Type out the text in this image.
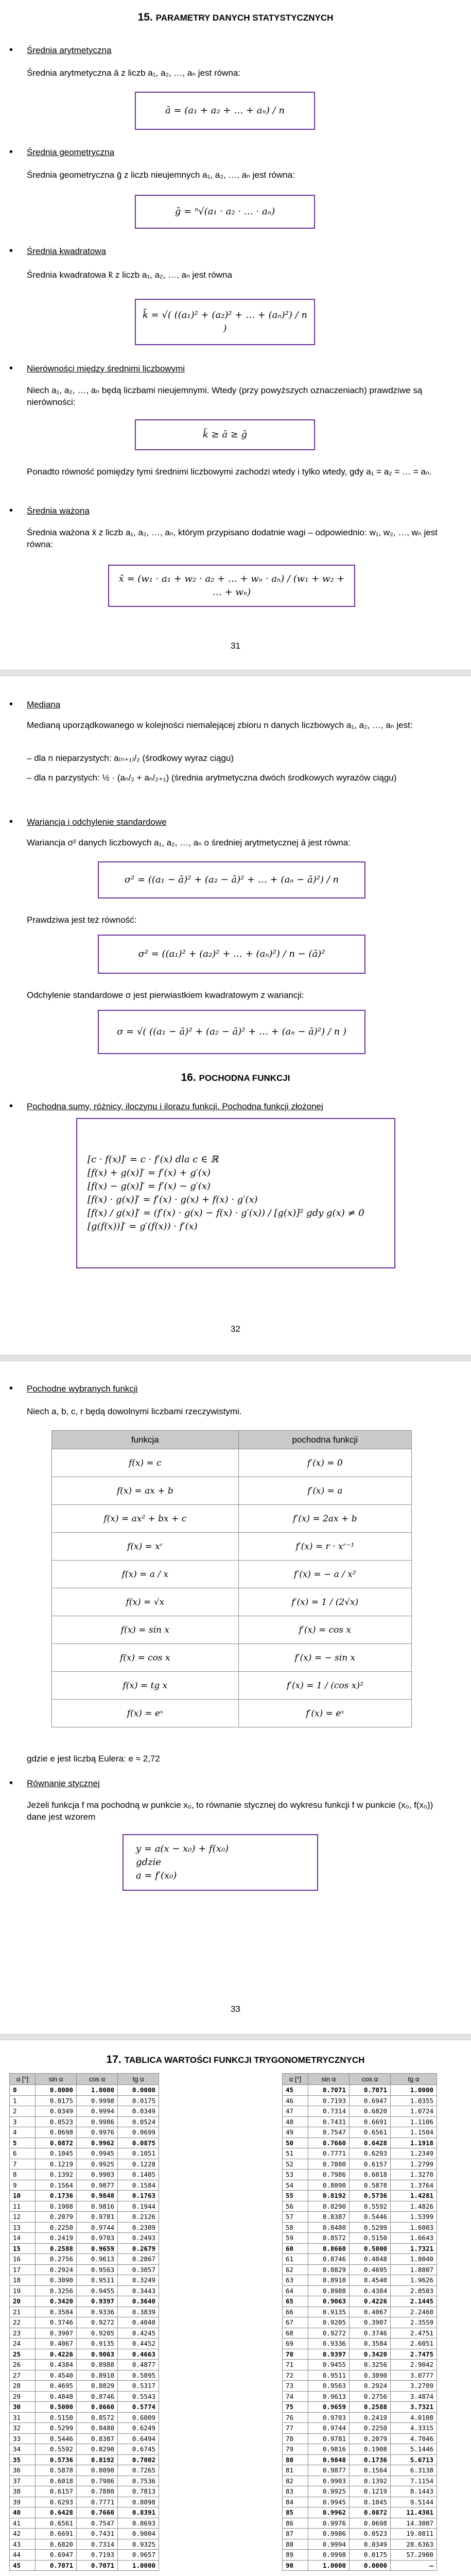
15. PARAMETRY DANYCH STATYSTYCZNYCH
• Średnia arytmetyczna
Średnia arytmetyczna ā z liczb a₁, a₂, …, aₙ jest równa:
ā = (a₁ + a₂ + … + aₙ) / n
• Średnia geometryczna
Średnia geometryczna ḡ z liczb nieujemnych a₁, a₂, …, aₙ jest równa:
ḡ = ⁿ√(a₁ · a₂ · … · aₙ)
• Średnia kwadratowa
Średnia kwadratowa k̄ z liczb a₁, a₂, …, aₙ jest równa
k̄ = √( ((a₁)² + (a₂)² + … + (aₙ)²) / n )
• Nierówności między średnimi liczbowymi
Niech a₁, a₂, …, aₙ będą liczbami nieujemnymi. Wtedy (przy powyższych oznaczeniach) prawdziwe są nierówności:
k̄ ≥ ā ≥ ḡ
Ponadto równość pomiędzy tymi średnimi liczbowymi zachodzi wtedy i tylko wtedy, gdy a₁ = a₂ = … = aₙ.
• Średnia ważona
Średnia ważona x̄ z liczb a₁, a₂, …, aₙ, którym przypisano dodatnie wagi – odpowiednio: w₁, w₂, …, wₙ jest równa:
x̄ = (w₁ · a₁ + w₂ · a₂ + … + wₙ · aₙ) / (w₁ + w₂ + … + wₙ)
31
• Mediana
Medianą uporządkowanego w kolejności niemalejącej zbioru n danych liczbowych a₁, a₂, …, aₙ jest:
– dla n nieparzystych: a₍ₙ₊₁₎/₂ (środkowy wyraz ciągu)
– dla n parzystych: ½ · (aₙ/₂ + aₙ/₂₊₁) (średnia arytmetyczna dwóch środkowych wyrazów ciągu)
• Wariancja i odchylenie standardowe
Wariancja σ² danych liczbowych a₁, a₂, …, aₙ o średniej arytmetycznej ā jest równa:
σ² = ((a₁ − ā)² + (a₂ − ā)² + … + (aₙ − ā)²) / n
Prawdziwa jest też równość:
σ² = ((a₁)² + (a₂)² + … + (aₙ)²) / n − (ā)²
Odchylenie standardowe σ jest pierwiastkiem kwadratowym z wariancji:
σ = √( ((a₁ − ā)² + (a₂ − ā)² + … + (aₙ − ā)²) / n )
16. POCHODNA FUNKCJI
• Pochodna sumy, różnicy, iloczynu i ilorazu funkcji. Pochodna funkcji złożonej
[c · f(x)]′ = c · f′(x) dla c ∈ ℝ
[f(x) + g(x)]′ = f′(x) + g′(x)
[f(x) − g(x)]′ = f′(x) − g′(x)
[f(x) · g(x)]′ = f′(x) · g(x) + f(x) · g′(x)
[f(x) / g(x)]′ = (f′(x) · g(x) − f(x) · g′(x)) / [g(x)]² gdy g(x) ≠ 0
[g(f(x))]′ = g′(f(x)) · f′(x)
32
• Pochodne wybranych funkcji
Niech a, b, c, r będą dowolnymi liczbami rzeczywistymi.
funkcja	pochodna funkcji
f(x) = c	f′(x) = 0
f(x) = ax + b	f′(x) = a
f(x) = ax² + bx + c	f′(x) = 2ax + b
f(x) = xʳ	f′(x) = r · xʳ⁻¹
f(x) = a / x	f′(x) = − a / x²
f(x) = √x	f′(x) = 1 / (2√x)
f(x) = sin x	f′(x) = cos x
f(x) = cos x	f′(x) = − sin x
f(x) = tg x	f′(x) = 1 / (cos x)²
f(x) = eˣ	f′(x) = eˣ
gdzie e jest liczbą Eulera: e ≈ 2,72
• Równanie stycznej
Jeżeli funkcja f ma pochodną w punkcie x₀, to równanie stycznej do wykresu funkcji f w punkcie (x₀, f(x₀)) dane jest wzorem
y = a(x − x₀) + f(x₀)
gdzie
a = f′(x₀)
33
17. TABLICA WARTOŚCI FUNKCJI TRYGONOMETRYCZNYCH
α [°]	sin α	cos α	tg α
0	0.0000	1.0000	0.0000
1	0.0175	0.9998	0.0175
2	0.0349	0.9994	0.0349
3	0.0523	0.9986	0.0524
4	0.0698	0.9976	0.0699
5	0.0872	0.9962	0.0875
6	0.1045	0.9945	0.1051
7	0.1219	0.9925	0.1228
8	0.1392	0.9903	0.1405
9	0.1564	0.9877	0.1584
10	0.1736	0.9848	0.1763
11	0.1908	0.9816	0.1944
12	0.2079	0.9781	0.2126
13	0.2250	0.9744	0.2309
14	0.2419	0.9703	0.2493
15	0.2588	0.9659	0.2679
16	0.2756	0.9613	0.2867
17	0.2924	0.9563	0.3057
18	0.3090	0.9511	0.3249
19	0.3256	0.9455	0.3443
20	0.3420	0.9397	0.3640
21	0.3584	0.9336	0.3839
22	0.3746	0.9272	0.4040
23	0.3907	0.9205	0.4245
24	0.4067	0.9135	0.4452
25	0.4226	0.9063	0.4663
26	0.4384	0.8988	0.4877
27	0.4540	0.8910	0.5095
28	0.4695	0.8829	0.5317
29	0.4848	0.8746	0.5543
30	0.5000	0.8660	0.5774
31	0.5150	0.8572	0.6009
32	0.5299	0.8480	0.6249
33	0.5446	0.8387	0.6494
34	0.5592	0.8290	0.6745
35	0.5736	0.8192	0.7002
36	0.5878	0.8090	0.7265
37	0.6018	0.7986	0.7536
38	0.6157	0.7880	0.7813
39	0.6293	0.7771	0.8098
40	0.6428	0.7660	0.8391
41	0.6561	0.7547	0.8693
42	0.6691	0.7431	0.9004
43	0.6820	0.7314	0.9325
44	0.6947	0.7193	0.9657
45	0.7071	0.7071	1.0000
α [°]	sin α	cos α	tg α
45	0.7071	0.7071	1.0000
46	0.7193	0.6947	1.0355
47	0.7314	0.6820	1.0724
48	0.7431	0.6691	1.1106
49	0.7547	0.6561	1.1504
50	0.7660	0.6428	1.1918
51	0.7771	0.6293	1.2349
52	0.7880	0.6157	1.2799
53	0.7986	0.6018	1.3270
54	0.8090	0.5878	1.3764
55	0.8192	0.5736	1.4281
56	0.8290	0.5592	1.4826
57	0.8387	0.5446	1.5399
58	0.8480	0.5299	1.6003
59	0.8572	0.5150	1.6643
60	0.8660	0.5000	1.7321
61	0.8746	0.4848	1.8040
62	0.8829	0.4695	1.8807
63	0.8910	0.4540	1.9626
64	0.8988	0.4384	2.0503
65	0.9063	0.4226	2.1445
66	0.9135	0.4067	2.2460
67	0.9205	0.3907	2.3559
68	0.9272	0.3746	2.4751
69	0.9336	0.3584	2.6051
70	0.9397	0.3420	2.7475
71	0.9455	0.3256	2.9042
72	0.9511	0.3090	3.0777
73	0.9563	0.2924	3.2709
74	0.9613	0.2756	3.4874
75	0.9659	0.2588	3.7321
76	0.9703	0.2419	4.0108
77	0.9744	0.2250	4.3315
78	0.9781	0.2079	4.7046
79	0.9816	0.1908	5.1446
80	0.9848	0.1736	5.6713
81	0.9877	0.1564	6.3138
82	0.9903	0.1392	7.1154
83	0.9925	0.1219	8.1443
84	0.9945	0.1045	9.5144
85	0.9962	0.0872	11.4301
86	0.9976	0.0698	14.3007
87	0.9986	0.0523	19.0811
88	0.9994	0.0349	28.6363
89	0.9998	0.0175	57.2900
90	1.0000	0.0000	—
